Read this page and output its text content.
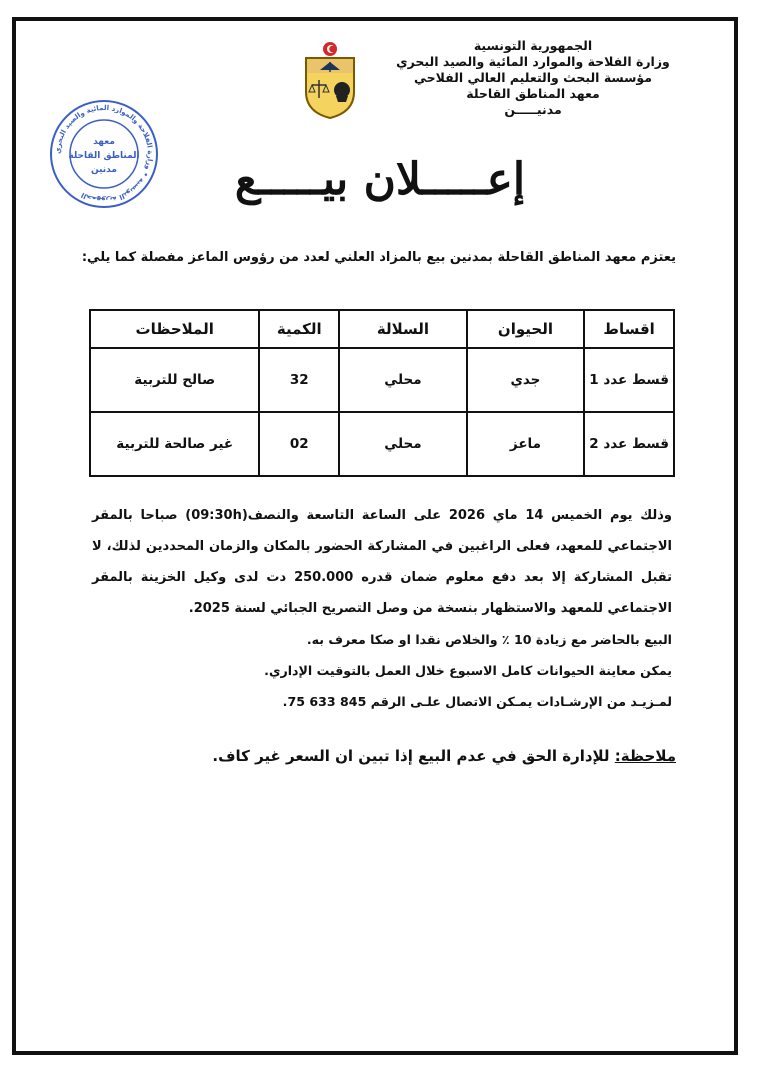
الجمهورية التونسية
وزارة الفلاحة والموارد المائية والصيد البحري
مؤسسة البحث والتعليم العالي الفلاحي
معهد المناطق القاحلة
مدنيـــــن
الجمهورية التونسية • وزارة الفلاحة والموارد المائية والصيد البحري
معهد
المناطق القاحلة
مدنين	إعـــــلان بيـــــع
يعتزم معهد المناطق القاحلة بمدنين بيع بالمزاد العلني لعدد من رؤوس الماعز مفصلة كما يلي:
اقساط	الحيوان	السلالة	الكمية	الملاحظات
قسط عدد 1	جدي	محلي	32	صالح للتربية
قسط عدد 2	ماعز	محلي	02	غير صالحة للتربية

وذلك يوم الخميس 14 ماي 2026 على الساعة التاسعة والنصف(09:30h) صباحا بالمقر الاجتماعي للمعهد، فعلى الراغبين في المشاركة الحضور بالمكان والزمان المحددين لذلك، لا تقبل المشاركة إلا بعد دفع معلوم ضمان قدره 250.000 دت لدى وكيل الخزينة بالمقر الاجتماعي للمعهد والاستظهار بنسخة من وصل التصريح الجبائي لسنة 2025.

البيع بالحاضر مع زيادة 10 ٪ والخلاص نقدا او صكا معرف به.
يمكن معاينة الحيوانات كامل الاسبوع خلال العمل بالتوقيت الإداري.
لمـزيـد من الإرشـادات يمـكن الاتصال علـى الرقم 845 633 75.
ملاحظة: للإدارة الحق في عدم البيع إذا تبين ان السعر غير كاف.
